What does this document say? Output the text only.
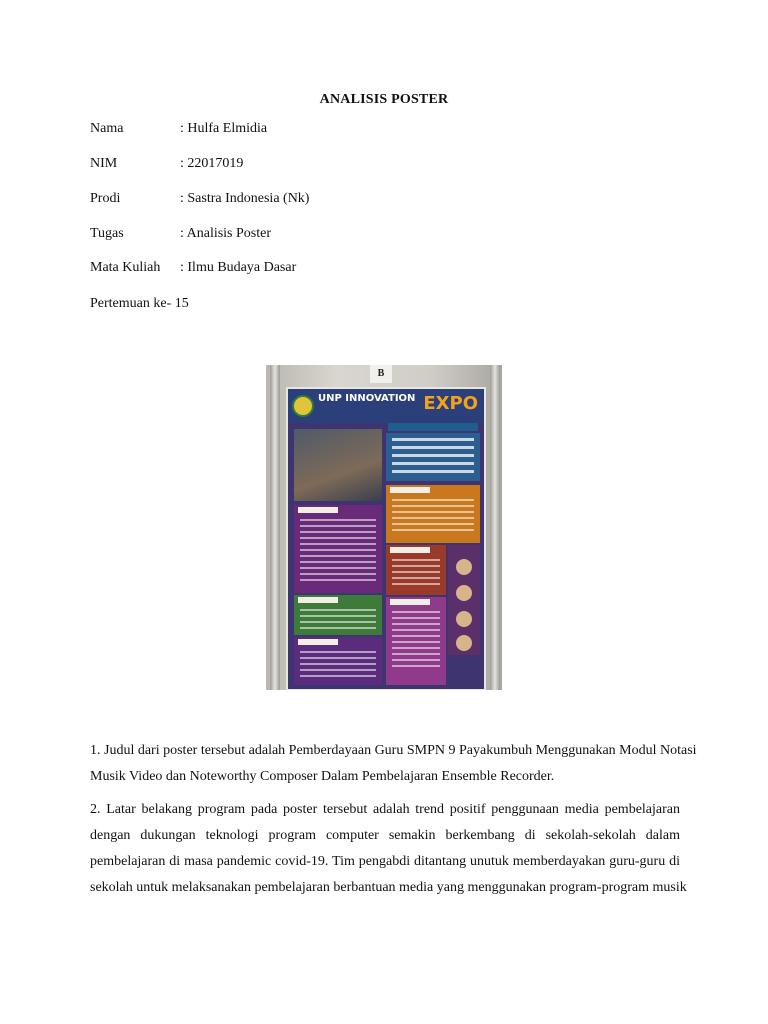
ANALISIS POSTER
Nama	: Hulfa Elmidia
NIM	: 22017019
Prodi	: Sastra Indonesia (Nk)
Tugas	: Analisis Poster
Mata Kuliah : Ilmu Budaya Dasar
Pertemuan ke- 15
B
UNP INNOVATION EXPO
1. Judul dari poster tersebut adalah Pemberdayaan Guru SMPN 9 Payakumbuh Menggunakan Modul Notasi
Musik Video dan Noteworthy Composer Dalam Pembelajaran Ensemble Recorder.
2. Latar belakang program pada poster tersebut adalah trend positif penggunaan media pembelajaran
dengan dukungan teknologi program computer semakin berkembang di sekolah-sekolah dalam
pembelajaran di masa pandemic covid-19. Tim pengabdi ditantang unutuk memberdayakan guru-guru di
sekolah untuk melaksanakan pembelajaran berbantuan media yang menggunakan program-program musik
